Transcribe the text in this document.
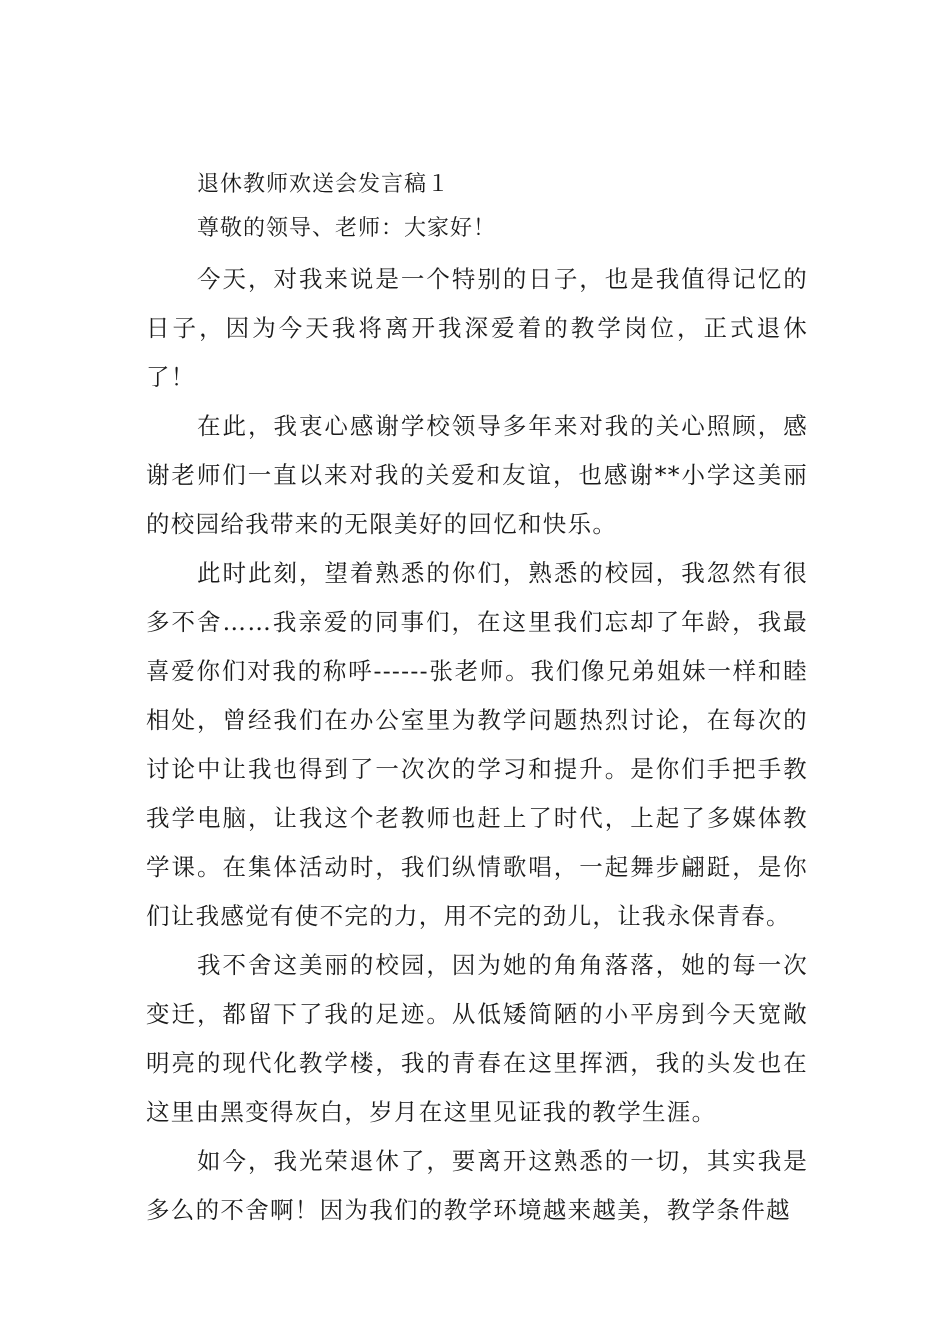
退休教师欢送会发言稿１
尊敬的领导、老师：大家好！

今天，对我来说是一个特别的日子，也是我值得记忆的日子，因为今天我将离开我深爱着的教学岗位，正式退休了！

在此，我衷心感谢学校领导多年来对我的关心照顾，感谢老师们一直以来对我的关爱和友谊，也感谢**小学这美丽的校园给我带来的无限美好的回忆和快乐。

此时此刻，望着熟悉的你们，熟悉的校园，我忽然有很多不舍……我亲爱的同事们，在这里我们忘却了年龄，我最喜爱你们对我的称呼------张老师。我们像兄弟姐妹一样和睦相处，曾经我们在办公室里为教学问题热烈讨论，在每次的讨论中让我也得到了一次次的学习和提升。是你们手把手教我学电脑，让我这个老教师也赶上了时代，上起了多媒体教学课。在集体活动时，我们纵情歌唱，一起舞步翩跹，是你们让我感觉有使不完的力，用不完的劲儿，让我永保青春。

我不舍这美丽的校园，因为她的角角落落，她的每一次变迁，都留下了我的足迹。从低矮简陋的小平房到今天宽敞明亮的现代化教学楼，我的青春在这里挥洒，我的头发也在这里由黑变得灰白，岁月在这里见证我的教学生涯。

如今，我光荣退休了，要离开这熟悉的一切，其实我是多么的不舍啊！因为我们的教学环境越来越美，教学条件越
